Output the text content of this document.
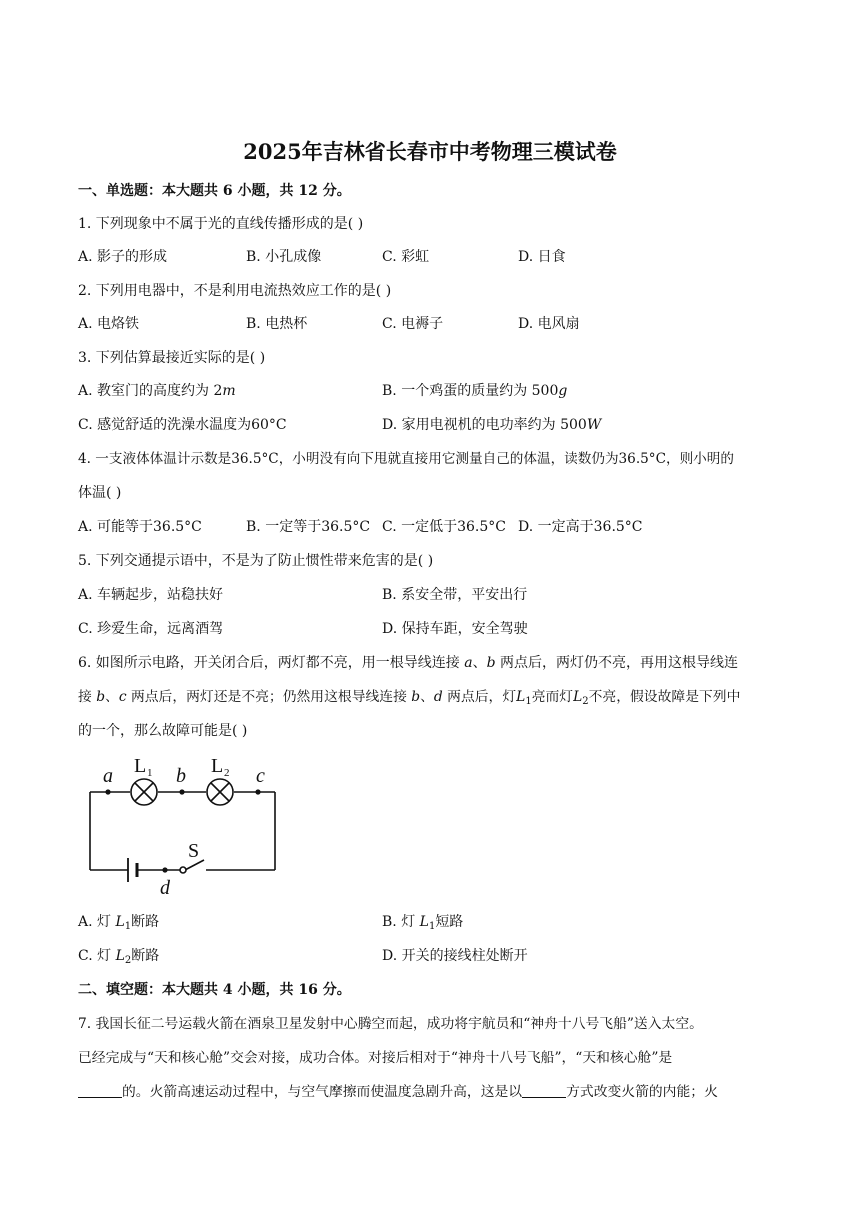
2025年吉林省长春市中考物理三模试卷
一、单选题：本大题共 6 小题，共 12 分。
1. 下列现象中不属于光的直线传播形成的是( )
A. 影子的形成	B. 小孔成像	C. 彩虹	D. 日食
2. 下列用电器中，不是利用电流热效应工作的是( )
A. 电烙铁	B. 电热杯	C. 电褥子	D. 电风扇
3. 下列估算最接近实际的是( )
A. 教室门的高度约为 2m	B. 一个鸡蛋的质量约为 500g
C. 感觉舒适的洗澡水温度为60°C	D. 家用电视机的电功率约为 500W
4. 一支液体体温计示数是36.5°C，小明没有向下甩就直接用它测量自己的体温，读数仍为36.5°C，则小明的
体温( )
A. 可能等于36.5°C	B. 一定等于36.5°C C. 一定低于36.5°C D. 一定高于36.5°C
5. 下列交通提示语中，不是为了防止惯性带来危害的是( )
A. 车辆起步，站稳扶好	B. 系安全带，平安出行
C. 珍爱生命，远离酒驾	D. 保持车距，安全驾驶
6. 如图所示电路，开关闭合后，两灯都不亮，用一根导线连接 a、b 两点后，两灯仍不亮，再用这根导线连
接 b、c 两点后，两灯还是不亮；仍然用这根导线连接 b、d 两点后，灯$L_1$亮而灯$L_2$不亮，假设故障是下列中
的一个，那么故障可能是( )
a	b	c
d
L 1	L 2
S
A. 灯 $L_1$断路	B. 灯 $L_1$短路
C. 灯 $L_2$断路	D. 开关的接线柱处断开
二、填空题：本大题共 4 小题，共 16 分。
7. 我国长征二号运载火箭在酒泉卫星发射中心腾空而起，成功将宇航员和“神舟十八号飞船”送入太空。
已经完成与“天和核心舱”交会对接，成功合体。对接后相对于“神舟十八号飞船”，“天和核心舱”是
的。火箭高速运动过程中，与空气摩擦而使温度急剧升高，这是以	方式改变火箭的内能；火
